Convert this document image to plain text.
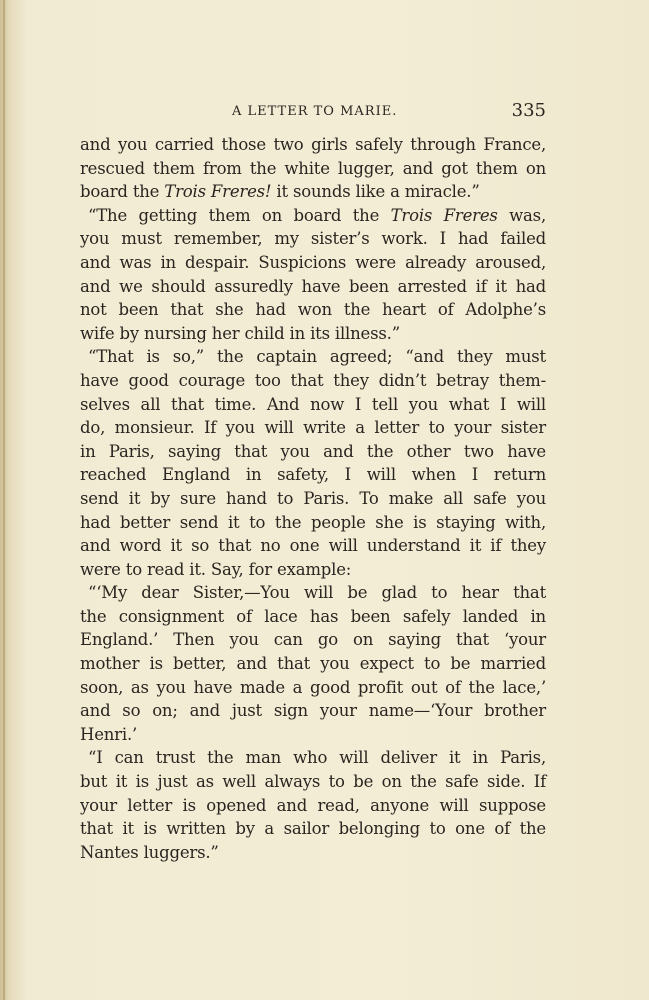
A LETTER TO MARIE.	335
and you carried those two girls safely through France,
rescued them from the white lugger, and got them on
board the Trois Freres! it sounds like a miracle.”
“The getting them on board the Trois Freres was,
you must remember, my sister’s work. I had failed
and was in despair. Suspicions were already aroused,
and we should assuredly have been arrested if it had
not been that she had won the heart of Adolphe’s
wife by nursing her child in its illness.”
“That is so,” the captain agreed; “and they must
have good courage too that they didn’t betray them-
selves all that time. And now I tell you what I will
do, monsieur. If you will write a letter to your sister
in Paris, saying that you and the other two have
reached England in safety, I will when I return
send it by sure hand to Paris. To make all safe you
had better send it to the people she is staying with,
and word it so that no one will understand it if they
were to read it. Say, for example:
“‘My dear Sister,—You will be glad to hear that
the consignment of lace has been safely landed in
England.’ Then you can go on saying that ‘your
mother is better, and that you expect to be married
soon, as you have made a good profit out of the lace,’
and so on; and just sign your name—‘Your brother
Henri.’
“I can trust the man who will deliver it in Paris,
but it is just as well always to be on the safe side. If
your letter is opened and read, anyone will suppose
that it is written by a sailor belonging to one of the
Nantes luggers.”
